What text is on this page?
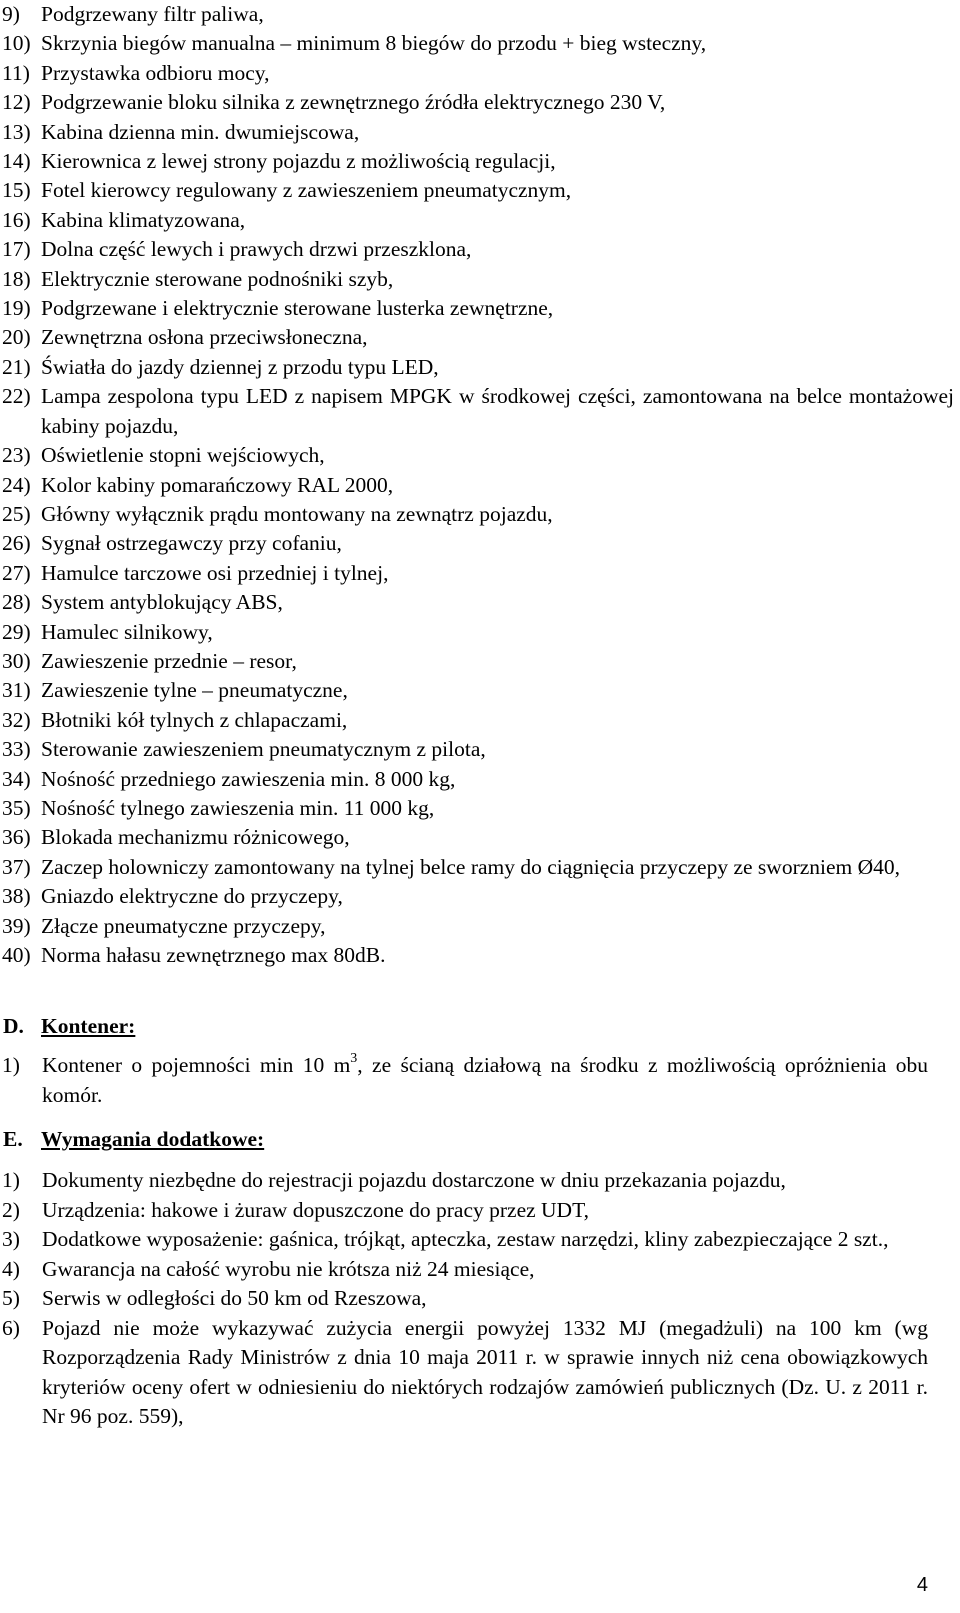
9) Podgrzewany filtr paliwa,
10) Skrzynia biegów manualna – minimum 8 biegów do przodu + bieg wsteczny,
11) Przystawka odbioru mocy,
12) Podgrzewanie bloku silnika z zewnętrznego źródła elektrycznego 230 V,
13) Kabina dzienna min. dwumiejscowa,
14) Kierownica z lewej strony pojazdu z możliwością regulacji,
15) Fotel kierowcy regulowany z zawieszeniem pneumatycznym,
16) Kabina klimatyzowana,
17) Dolna część lewych i prawych drzwi przeszklona,
18) Elektrycznie sterowane podnośniki szyb,
19) Podgrzewane i elektrycznie sterowane lusterka zewnętrzne,
20) Zewnętrzna osłona przeciwsłoneczna,
21) Światła do jazdy dziennej z przodu typu LED,
22) Lampa zespolona typu LED z napisem MPGK w środkowej części, zamontowana na belce montażowej kabiny pojazdu,
23) Oświetlenie stopni wejściowych,
24) Kolor kabiny pomarańczowy RAL 2000,
25) Główny wyłącznik prądu montowany na zewnątrz pojazdu,
26) Sygnał ostrzegawczy przy cofaniu,
27) Hamulce tarczowe osi przedniej i tylnej,
28) System antyblokujący ABS,
29) Hamulec silnikowy,
30) Zawieszenie przednie – resor,
31) Zawieszenie tylne – pneumatyczne,
32) Błotniki kół tylnych z chlapaczami,
33) Sterowanie zawieszeniem pneumatycznym z pilota,
34) Nośność przedniego zawieszenia min. 8 000 kg,
35) Nośność tylnego zawieszenia min. 11 000 kg,
36) Blokada mechanizmu różnicowego,
37) Zaczep holowniczy zamontowany na tylnej belce ramy do ciągnięcia przyczepy ze sworzniem Ø40,
38) Gniazdo elektryczne do przyczepy,
39) Złącze pneumatyczne przyczepy,
40) Norma hałasu zewnętrznego max 80dB.
D. Kontener:
1)	Kontener o pojemności min 10 $m^3$, ze ścianą działową na środku z możliwością opróżnienia obu komór.
E. Wymagania dodatkowe:
1)	Dokumenty niezbędne do rejestracji pojazdu dostarczone w dniu przekazania pojazdu,
2)	Urządzenia: hakowe i żuraw dopuszczone do pracy przez UDT,
3)	Dodatkowe wyposażenie: gaśnica, trójkąt, apteczka, zestaw narzędzi, kliny zabezpieczające 2 szt.,
4)	Gwarancja na całość wyrobu nie krótsza niż 24 miesiące,
5)	Serwis w odległości do 50 km od Rzeszowa,
6)	Pojazd nie może wykazywać zużycia energii powyżej 1332 MJ (megadżuli) na 100 km (wg Rozporządzenia Rady Ministrów z dnia 10 maja 2011 r. w sprawie innych niż cena obowiązkowych kryteriów oceny ofert w odniesieniu do niektórych rodzajów zamówień publicznych (Dz. U. z 2011 r. Nr 96 poz. 559),
4
